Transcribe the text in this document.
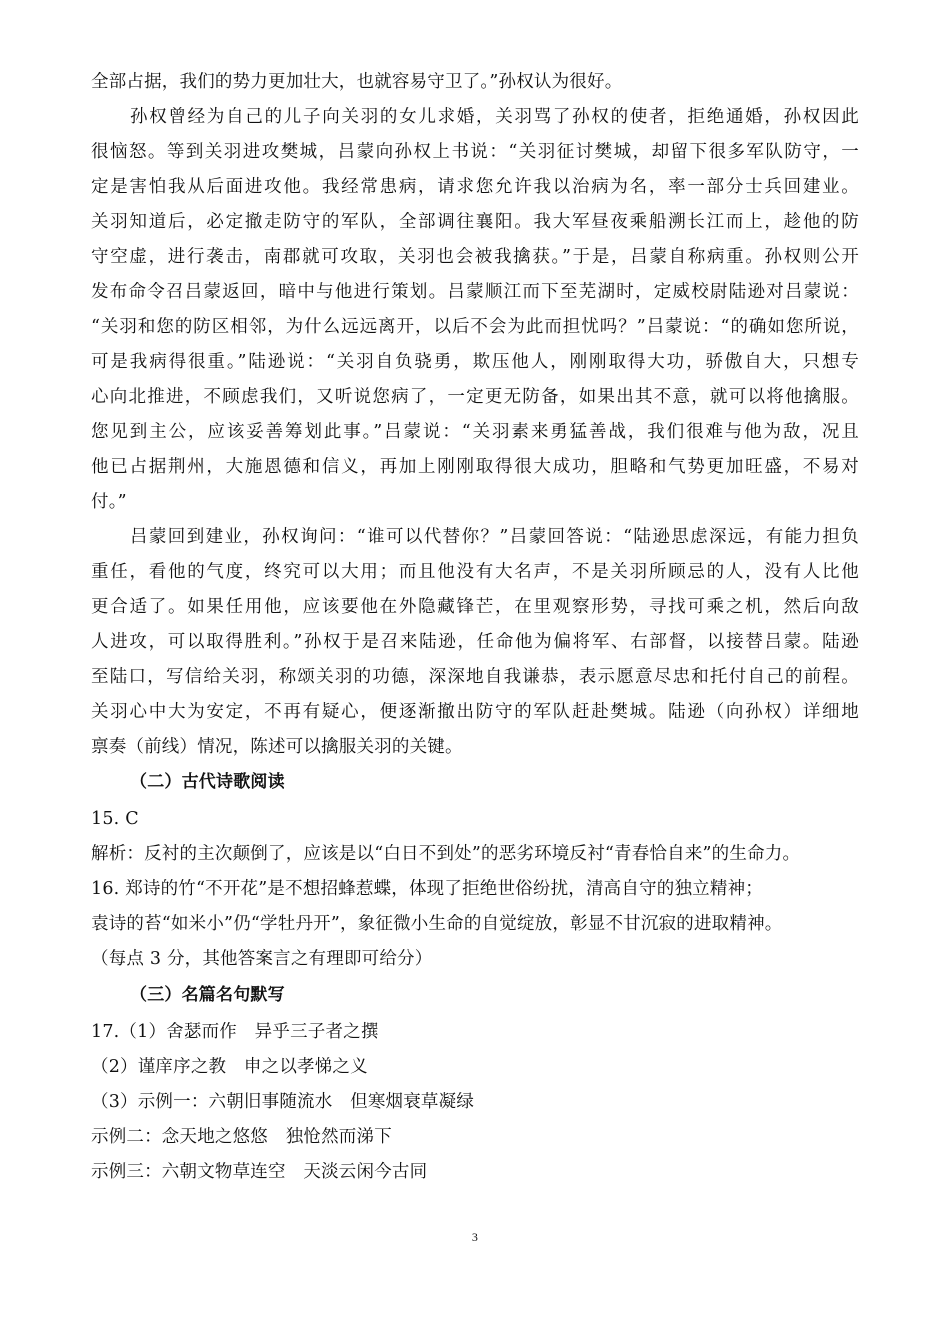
全部占据，我们的势力更加壮大，也就容易守卫了。”孙权认为很好。
孙权曾经为自己的儿子向关羽的女儿求婚，关羽骂了孙权的使者，拒绝通婚，孙权因此
很恼怒。等到关羽进攻樊城，吕蒙向孙权上书说：“关羽征讨樊城，却留下很多军队防守，一
定是害怕我从后面进攻他。我经常患病，请求您允许我以治病为名，率一部分士兵回建业。
关羽知道后，必定撤走防守的军队，全部调往襄阳。我大军昼夜乘船溯长江而上，趁他的防
守空虚，进行袭击，南郡就可攻取，关羽也会被我擒获。”于是，吕蒙自称病重。孙权则公开
发布命令召吕蒙返回，暗中与他进行策划。吕蒙顺江而下至芜湖时，定威校尉陆逊对吕蒙说：
“关羽和您的防区相邻，为什么远远离开，以后不会为此而担忧吗？”吕蒙说：“的确如您所说，
可是我病得很重。”陆逊说：“关羽自负骁勇，欺压他人，刚刚取得大功，骄傲自大，只想专
心向北推进，不顾虑我们，又听说您病了，一定更无防备，如果出其不意，就可以将他擒服。
您见到主公，应该妥善筹划此事。”吕蒙说：“关羽素来勇猛善战，我们很难与他为敌，况且
他已占据荆州，大施恩德和信义，再加上刚刚取得很大成功，胆略和气势更加旺盛，不易对
付。”
吕蒙回到建业，孙权询问：“谁可以代替你？”吕蒙回答说：“陆逊思虑深远，有能力担负
重任，看他的气度，终究可以大用；而且他没有大名声，不是关羽所顾忌的人，没有人比他
更合适了。如果任用他，应该要他在外隐藏锋芒，在里观察形势，寻找可乘之机，然后向敌
人进攻，可以取得胜利。”孙权于是召来陆逊，任命他为偏将军、右部督，以接替吕蒙。陆逊
至陆口，写信给关羽，称颂关羽的功德，深深地自我谦恭，表示愿意尽忠和托付自己的前程。
关羽心中大为安定，不再有疑心，便逐渐撤出防守的军队赶赴樊城。陆逊（向孙权）详细地
禀奏（前线）情况，陈述可以擒服关羽的关键。
（二）古代诗歌阅读
15. C
解析：反衬的主次颠倒了，应该是以“白日不到处”的恶劣环境反衬“青春恰自来”的生命力。
16. 郑诗的竹“不开花”是不想招蜂惹蝶，体现了拒绝世俗纷扰，清高自守的独立精神；
袁诗的苔“如米小”仍“学牡丹开”，象征微小生命的自觉绽放，彰显不甘沉寂的进取精神。
（每点 3 分，其他答案言之有理即可给分）
（三）名篇名句默写
17.（1）舍瑟而作　异乎三子者之撰
（2）谨庠序之教　申之以孝悌之义
（3）示例一：六朝旧事随流水　但寒烟衰草凝绿
示例二：念天地之悠悠　独怆然而涕下
示例三：六朝文物草连空　天淡云闲今古同
3
